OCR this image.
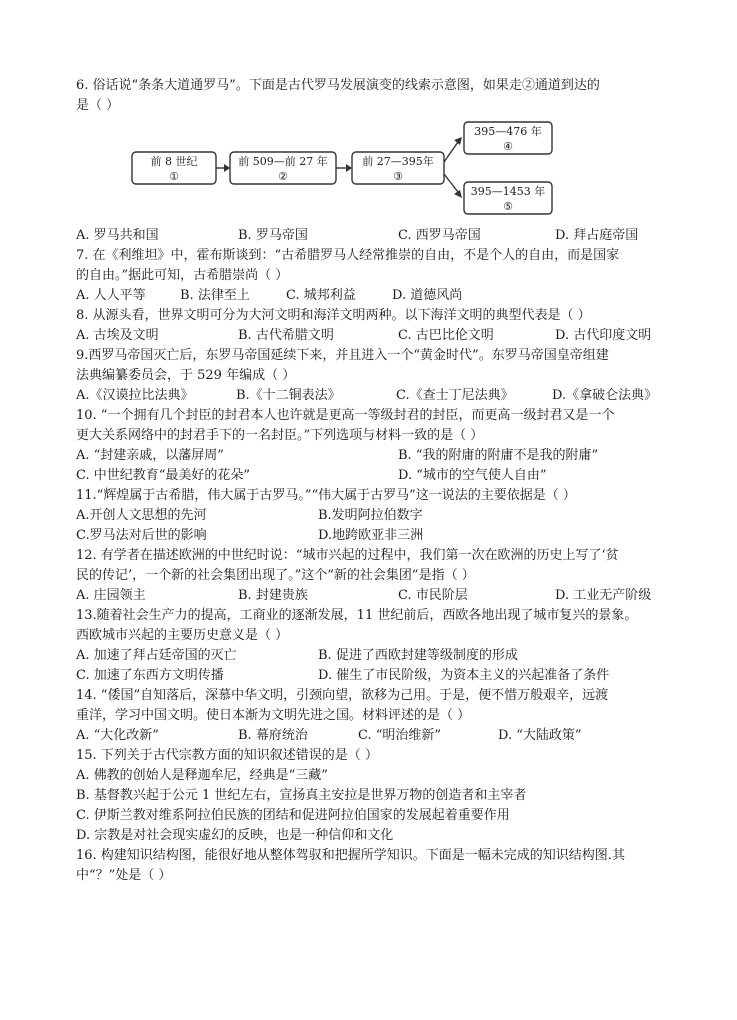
6. 俗话说“条条大道通罗马”。下面是古代罗马发展演变的线索示意图，如果走②通道到达的
是（ ）
前 8 世纪
①
前 509—前 27 年
②
前 27—395年
③
395—476 年
④
395—1453 年
⑤
A. 罗马共和国	B. 罗马帝国	C. 西罗马帝国	D. 拜占庭帝国
7. 在《利维坦》中，霍布斯谈到：“古希腊罗马人经常推崇的自由，不是个人的自由，而是国家
的自由。”据此可知，古希腊崇尚（ ）
A. 人人平等	B. 法律至上	C. 城邦利益	D. 道德风尚
8. 从源头看，世界文明可分为大河文明和海洋文明两种。以下海洋文明的典型代表是（ ）
A. 古埃及文明	B. 古代希腊文明	C. 古巴比伦文明	D. 古代印度文明
9.西罗马帝国灭亡后，东罗马帝国延续下来，并且进入一个“黄金时代”。东罗马帝国皇帝组建
法典编纂委员会，于 529 年编成（ ）
A.《汉谟拉比法典》	B.《十二铜表法》	C.《查士丁尼法典》	D.《拿破仑法典》
10. “一个拥有几个封臣的封君本人也许就是更高一等级封君的封臣，而更高一级封君又是一个
更大关系网络中的封君手下的一名封臣。”下列选项与材料一致的是（ ）
A. “封建亲戚，以藩屏周”	B. “我的附庸的附庸不是我的附庸”
C. 中世纪教育“最美好的花朵”	D. “城市的空气使人自由”
11.“辉煌属于古希腊，伟大属于古罗马。”“伟大属于古罗马”这一说法的主要依据是（ ）
A.开创人文思想的先河	B.发明阿拉伯数字
C.罗马法对后世的影响	D.地跨欧亚非三洲
12. 有学者在描述欧洲的中世纪时说：“城市兴起的过程中，我们第一次在欧洲的历史上写了‘贫
民的传记’，一个新的社会集团出现了。”这个“新的社会集团”是指（ ）
A. 庄园领主	B. 封建贵族	C. 市民阶层	D. 工业无产阶级
13.随着社会生产力的提高，工商业的逐渐发展，11 世纪前后，西欧各地出现了城市复兴的景象。
西欧城市兴起的主要历史意义是（ ）
A. 加速了拜占廷帝国的灭亡	B. 促进了西欧封建等级制度的形成
C. 加速了东西方文明传播	D. 催生了市民阶级，为资本主义的兴起准备了条件
14. “倭国”自知落后，深慕中华文明，引颈向望，欲移为己用。于是，便不惜万般艰辛，远渡
重洋，学习中国文明。使日本渐为文明先进之国。材料评述的是（ ）
A. “大化改新”	B. 幕府统治	C. “明治维新”	D. “大陆政策”
15. 下列关于古代宗教方面的知识叙述错误的是（ ）
A. 佛教的创始人是释迦牟尼，经典是“三藏”
B. 基督教兴起于公元 1 世纪左右，宣扬真主安拉是世界万物的创造者和主宰者
C. 伊斯兰教对维系阿拉伯民族的团结和促进阿拉伯国家的发展起着重要作用
D. 宗教是对社会现实虚幻的反映，也是一种信仰和文化
16. 构建知识结构图，能很好地从整体驾驭和把握所学知识。下面是一幅未完成的知识结构图.其
中“？”处是（ ）
